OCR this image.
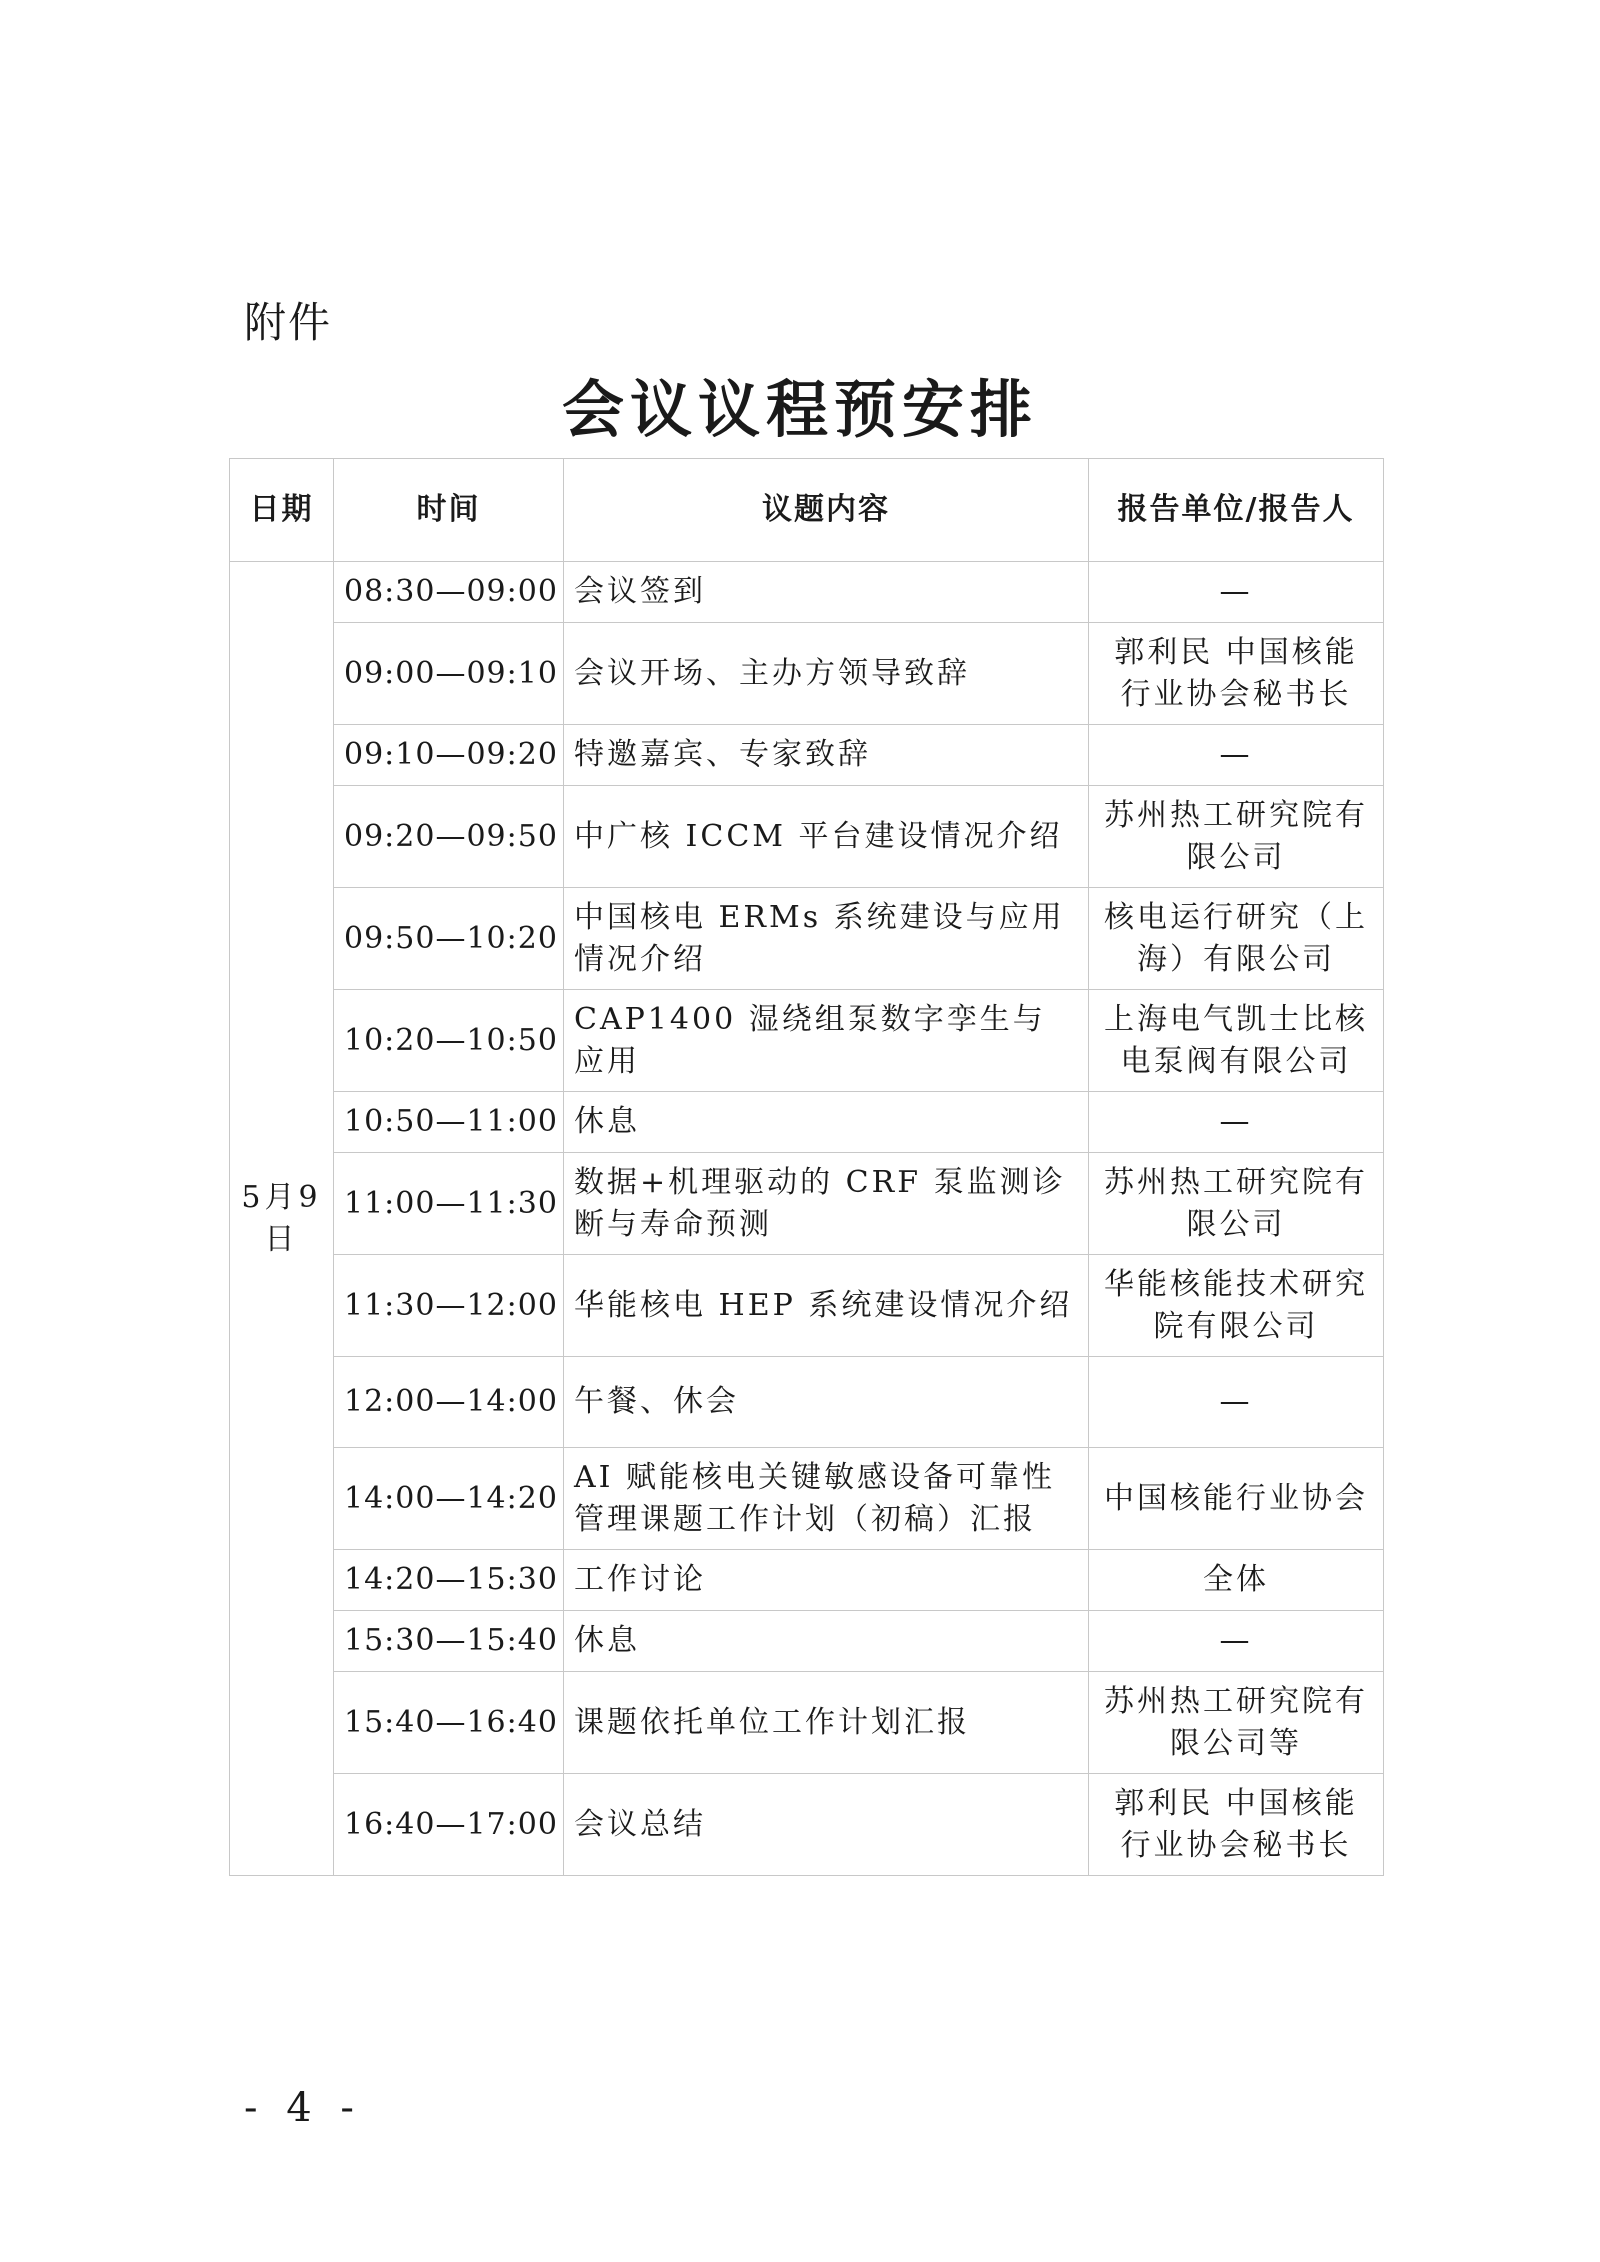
附件
会议议程预安排
日期	时间	议题内容	报告单位/报告人
5月9日	08:30—09:00	会议签到	—
	09:00—09:10	会议开场、主办方领导致辞	郭利民 中国核能行业协会秘书长
	09:10—09:20	特邀嘉宾、专家致辞	—
	09:20—09:50	中广核 ICCM 平台建设情况介绍	苏州热工研究院有限公司
	09:50—10:20	中国核电 ERMs 系统建设与应用情况介绍	核电运行研究（上海）有限公司
	10:20—10:50	CAP1400 湿绕组泵数字孪生与应用	上海电气凯士比核电泵阀有限公司
	10:50—11:00	休息	—
	11:00—11:30	数据+机理驱动的 CRF 泵监测诊断与寿命预测	苏州热工研究院有限公司
	11:30—12:00	华能核电 HEP 系统建设情况介绍	华能核能技术研究院有限公司
	12:00—14:00	午餐、休会	—
	14:00—14:20	AI 赋能核电关键敏感设备可靠性管理课题工作计划（初稿）汇报	中国核能行业协会
	14:20—15:30	工作讨论	全体
	15:30—15:40	休息	—
	15:40—16:40	课题依托单位工作计划汇报	苏州热工研究院有限公司等
	16:40—17:00	会议总结	郭利民 中国核能行业协会秘书长
- 4 -
